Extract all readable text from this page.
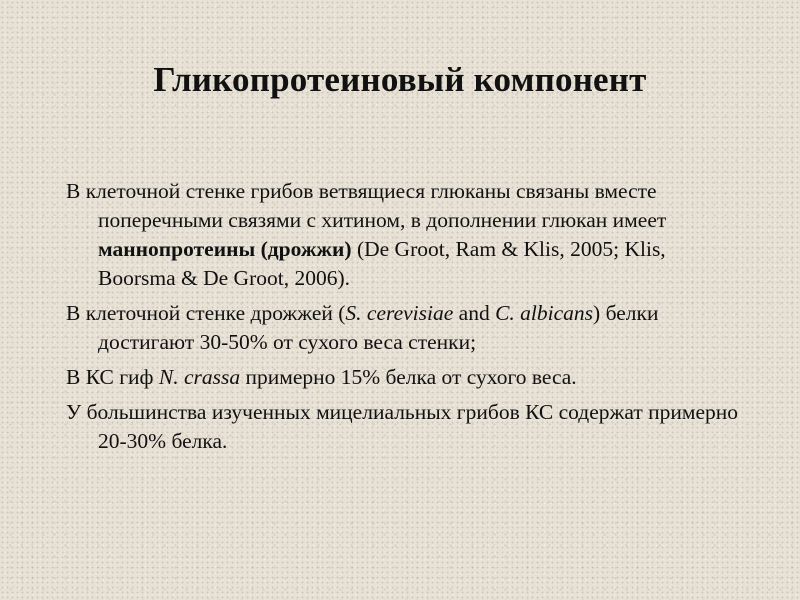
Гликопротеиновый компонент

В клеточной стенке грибов ветвящиеся глюканы связаны вместе поперечными связями с хитином, в дополнении глюкан имеет маннопротеины (дрожжи) (De Groot, Ram & Klis, 2005; Klis, Boorsma & De Groot, 2006).

В клеточной стенке дрожжей (S. cerevisiae and C. albicans) белки достигают 30-50% от сухого веса стенки;

В КС гиф N. crassa примерно 15% белка от сухого веса.

У большинства изученных мицелиальных грибов КС содержат примерно 20-30% белка.
